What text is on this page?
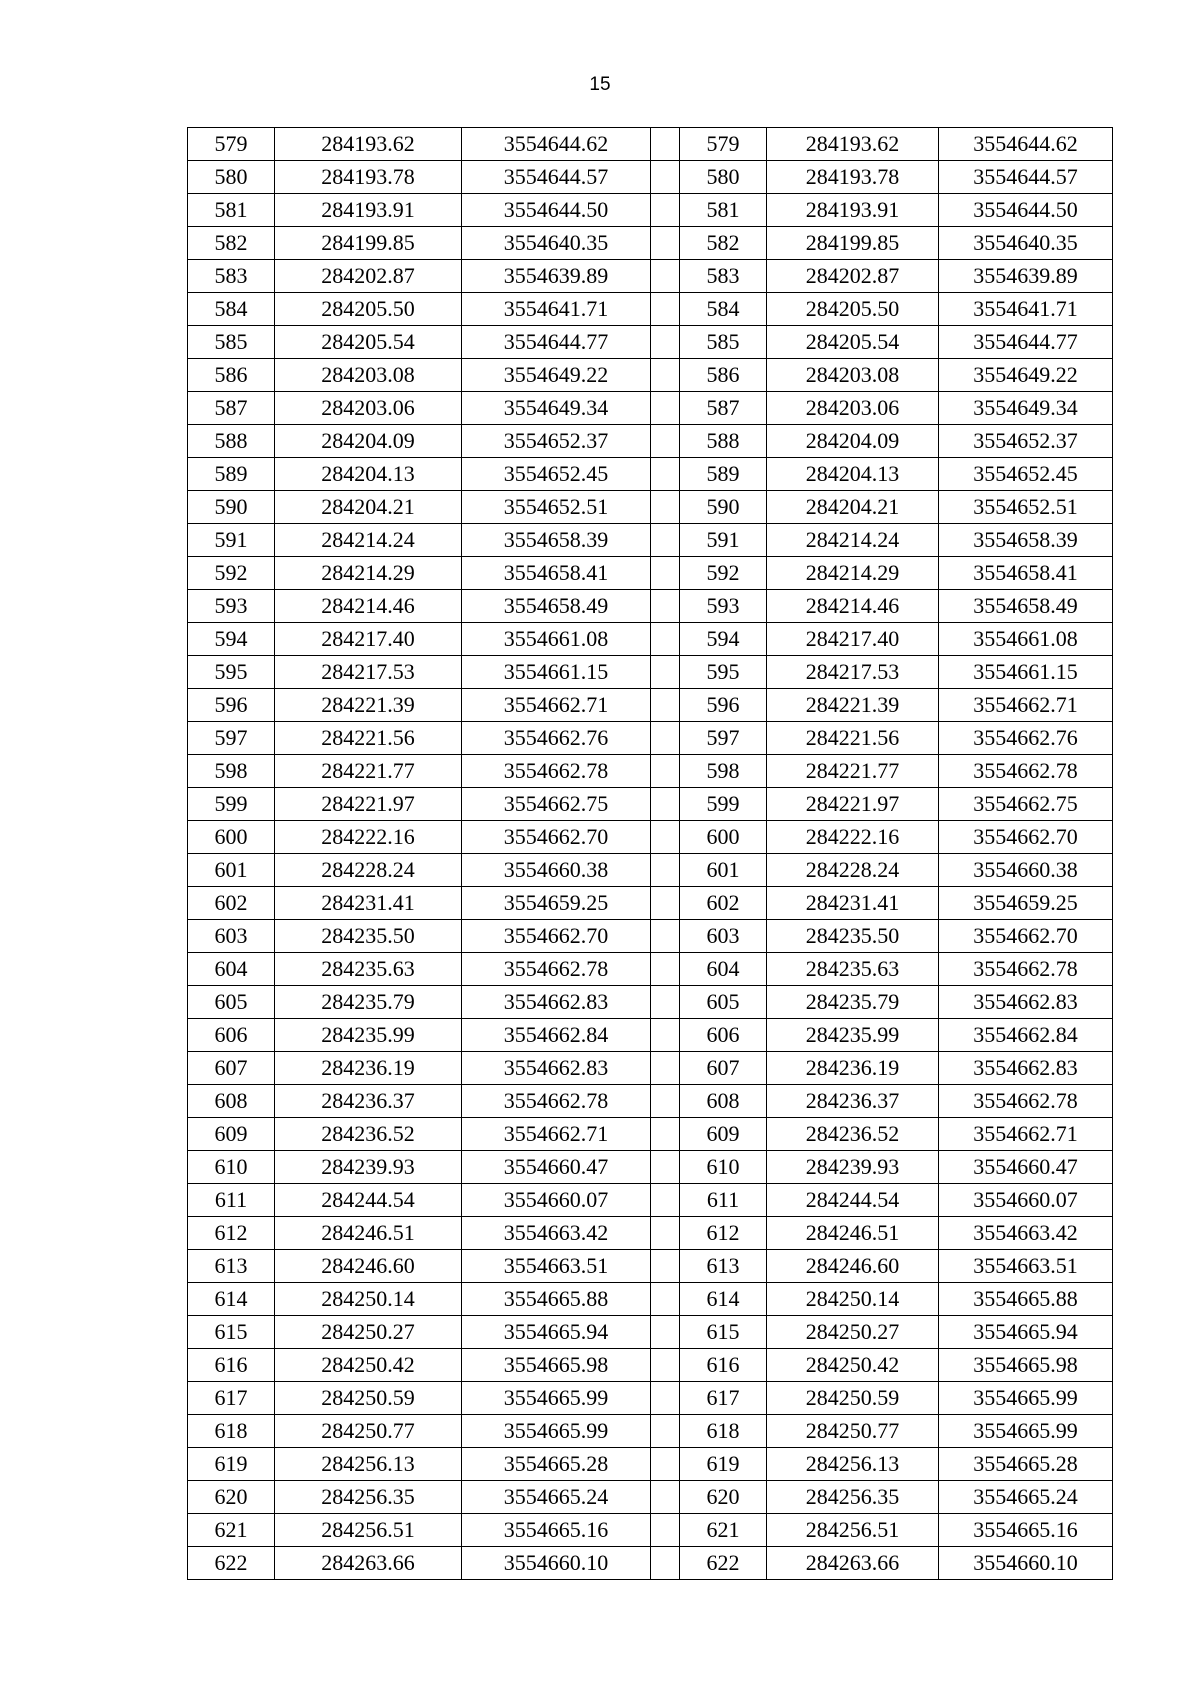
15
579	284193.62	3554644.62		579	284193.62	3554644.62
580	284193.78	3554644.57		580	284193.78	3554644.57
581	284193.91	3554644.50		581	284193.91	3554644.50
582	284199.85	3554640.35		582	284199.85	3554640.35
583	284202.87	3554639.89		583	284202.87	3554639.89
584	284205.50	3554641.71		584	284205.50	3554641.71
585	284205.54	3554644.77		585	284205.54	3554644.77
586	284203.08	3554649.22		586	284203.08	3554649.22
587	284203.06	3554649.34		587	284203.06	3554649.34
588	284204.09	3554652.37		588	284204.09	3554652.37
589	284204.13	3554652.45		589	284204.13	3554652.45
590	284204.21	3554652.51		590	284204.21	3554652.51
591	284214.24	3554658.39		591	284214.24	3554658.39
592	284214.29	3554658.41		592	284214.29	3554658.41
593	284214.46	3554658.49		593	284214.46	3554658.49
594	284217.40	3554661.08		594	284217.40	3554661.08
595	284217.53	3554661.15		595	284217.53	3554661.15
596	284221.39	3554662.71		596	284221.39	3554662.71
597	284221.56	3554662.76		597	284221.56	3554662.76
598	284221.77	3554662.78		598	284221.77	3554662.78
599	284221.97	3554662.75		599	284221.97	3554662.75
600	284222.16	3554662.70		600	284222.16	3554662.70
601	284228.24	3554660.38		601	284228.24	3554660.38
602	284231.41	3554659.25		602	284231.41	3554659.25
603	284235.50	3554662.70		603	284235.50	3554662.70
604	284235.63	3554662.78		604	284235.63	3554662.78
605	284235.79	3554662.83		605	284235.79	3554662.83
606	284235.99	3554662.84		606	284235.99	3554662.84
607	284236.19	3554662.83		607	284236.19	3554662.83
608	284236.37	3554662.78		608	284236.37	3554662.78
609	284236.52	3554662.71		609	284236.52	3554662.71
610	284239.93	3554660.47		610	284239.93	3554660.47
611	284244.54	3554660.07		611	284244.54	3554660.07
612	284246.51	3554663.42		612	284246.51	3554663.42
613	284246.60	3554663.51		613	284246.60	3554663.51
614	284250.14	3554665.88		614	284250.14	3554665.88
615	284250.27	3554665.94		615	284250.27	3554665.94
616	284250.42	3554665.98		616	284250.42	3554665.98
617	284250.59	3554665.99		617	284250.59	3554665.99
618	284250.77	3554665.99		618	284250.77	3554665.99
619	284256.13	3554665.28		619	284256.13	3554665.28
620	284256.35	3554665.24		620	284256.35	3554665.24
621	284256.51	3554665.16		621	284256.51	3554665.16
622	284263.66	3554660.10		622	284263.66	3554660.10
